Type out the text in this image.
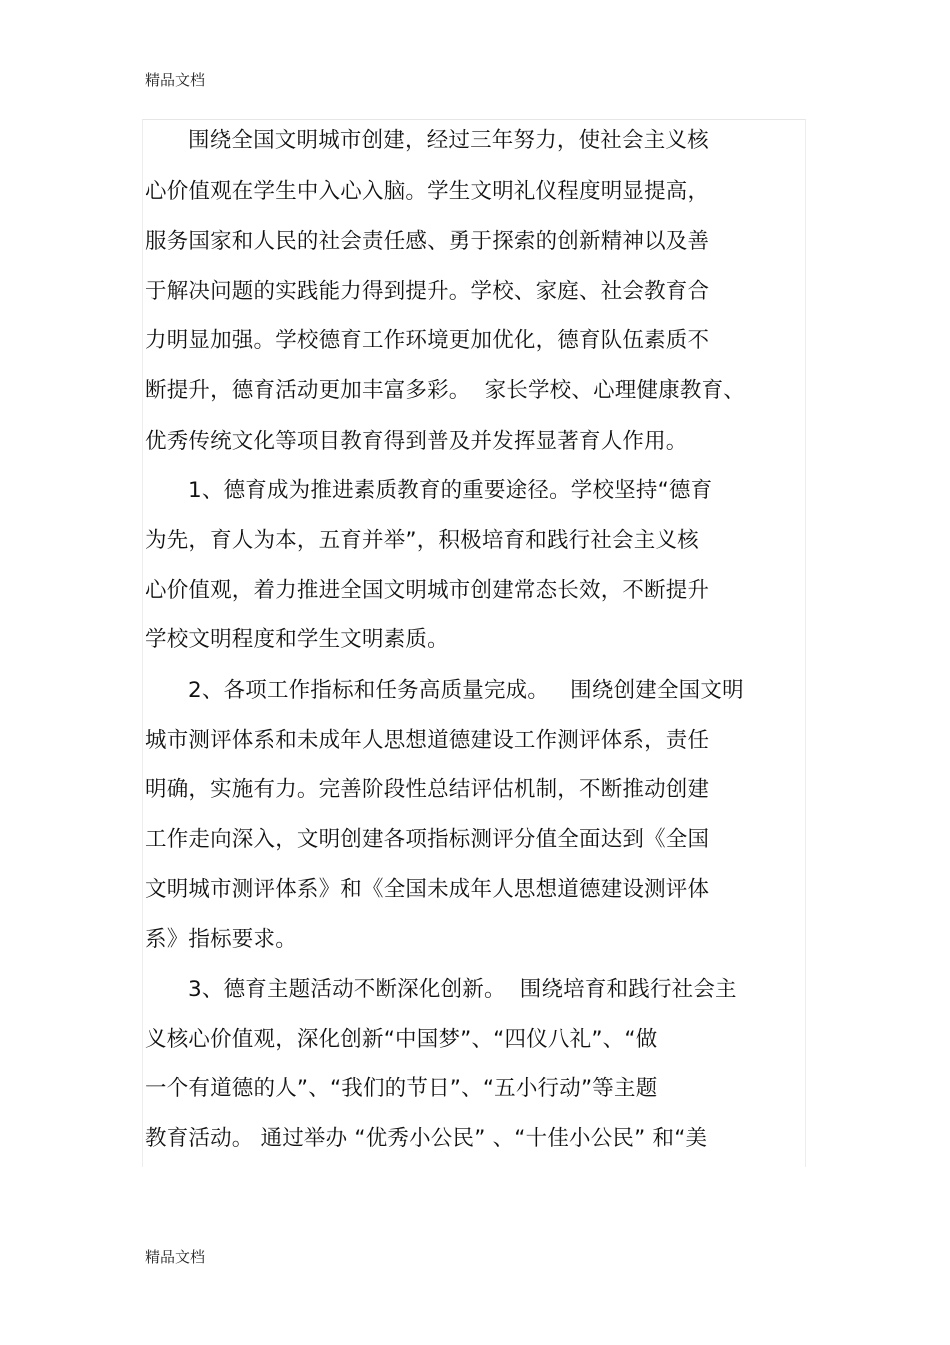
精品文档
围绕全国文明城市创建，经过三年努力，使社会主义核
心价值观在学生中入心入脑。学生文明礼仪程度明显提高，
服务国家和人民的社会责任感、勇于探索的创新精神以及善
于解决问题的实践能力得到提升。学校、家庭、社会教育合
力明显加强。学校德育工作环境更加优化，德育队伍素质不
断提升，德育活动更加丰富多彩。  家长学校、心理健康教育、
优秀传统文化等项目教育得到普及并发挥显著育人作用。
1、德育成为推进素质教育的重要途径。学校坚持“德育
为先，育人为本，五育并举”，积极培育和践行社会主义核
心价值观，着力推进全国文明城市创建常态长效，不断提升
学校文明程度和学生文明素质。
2、各项工作指标和任务高质量完成。   围绕创建全国文明
城市测评体系和未成年人思想道德建设工作测评体系，责任
明确，实施有力。完善阶段性总结评估机制，不断推动创建
工作走向深入，文明创建各项指标测评分值全面达到《全国
文明城市测评体系》和《全国未成年人思想道德建设测评体
系》指标要求。
3、德育主题活动不断深化创新。  围绕培育和践行社会主
义核心价值观，深化创新“中国梦”、“四仪八礼”、“做
一个有道德的人”、“我们的节日”、“五小行动”等主题
教育活动。 通过举办 “优秀小公民” 、“十佳小公民” 和“美
精品文档
